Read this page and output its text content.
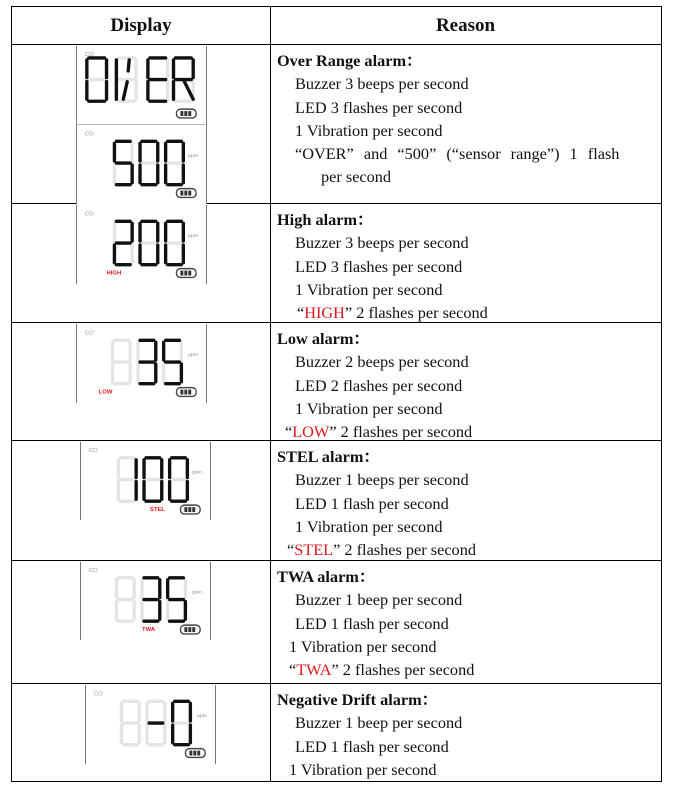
Display	Reason
CO
CO
ppm
Over Range alarm：
Buzzer 3 beeps per second
LED 3 flashes per second
1 Vibration per second
“OVER” and “500” (“sensor range”) 1 flash
per second
CO
ppm
HIGH
High alarm：
Buzzer 3 beeps per second
LED 3 flashes per second
1 Vibration per second
“HIGH” 2 flashes per second
CO
ppm
LOW
Low alarm：
Buzzer 2 beeps per second
LED 2 flashes per second
1 Vibration per second
“LOW” 2 flashes per second
CO
ppm
STEL
STEL alarm：
Buzzer 1 beeps per second
LED 1 flash per second
1 Vibration per second
“STEL” 2 flashes per second
CO
ppm
TWA
TWA alarm：
Buzzer 1 beep per second
LED 1 flash per second
1 Vibration per second
“TWA” 2 flashes per second
CO
ppm
Negative Drift alarm：
Buzzer 1 beep per second
LED 1 flash per second
1 Vibration per second
